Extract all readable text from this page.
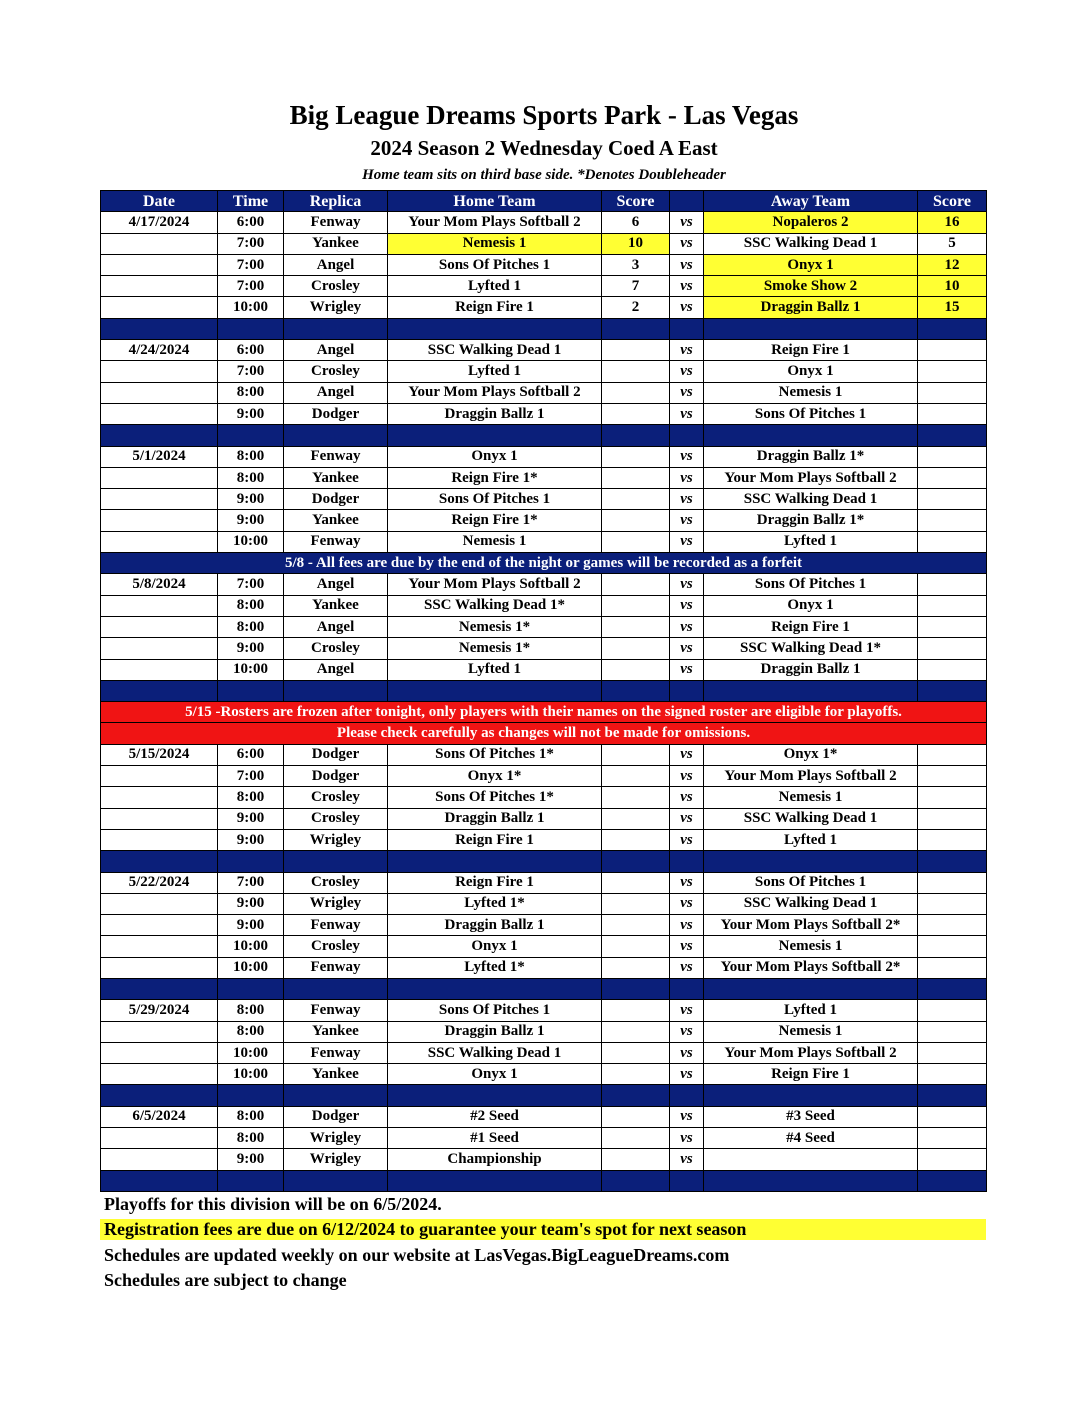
Big League Dreams Sports Park - Las Vegas
2024 Season 2 Wednesday Coed A East
Home team sits on third base side. *Denotes Doubleheader
Date	Time	Replica	Home Team	Score		Away Team	Score
4/17/2024	6:00	Fenway	Your Mom Plays Softball 2	6	vs	Nopaleros 2	16
	7:00	Yankee	Nemesis 1	10	vs	SSC Walking Dead 1	5
	7:00	Angel	Sons Of Pitches 1	3	vs	Onyx 1	12
	7:00	Crosley	Lyfted 1	7	vs	Smoke Show 2	10
	10:00	Wrigley	Reign Fire 1	2	vs	Draggin Ballz 1	15

4/24/2024	6:00	Angel	SSC Walking Dead 1		vs	Reign Fire 1	
	7:00	Crosley	Lyfted 1		vs	Onyx 1	
	8:00	Angel	Your Mom Plays Softball 2		vs	Nemesis 1	
	9:00	Dodger	Draggin Ballz 1		vs	Sons Of Pitches 1	

5/1/2024	8:00	Fenway	Onyx 1		vs	Draggin Ballz 1*	
	8:00	Yankee	Reign Fire 1*		vs	Your Mom Plays Softball 2	
	9:00	Dodger	Sons Of Pitches 1		vs	SSC Walking Dead 1	
	9:00	Yankee	Reign Fire 1*		vs	Draggin Ballz 1*	
	10:00	Fenway	Nemesis 1		vs	Lyfted 1	
5/8 - All fees are due by the end of the night or games will be recorded as a forfeit							
5/8/2024	7:00	Angel	Your Mom Plays Softball 2		vs	Sons Of Pitches 1	
	8:00	Yankee	SSC Walking Dead 1*		vs	Onyx 1	
	8:00	Angel	Nemesis 1*		vs	Reign Fire 1	
	9:00	Crosley	Nemesis 1*		vs	SSC Walking Dead 1*	
	10:00	Angel	Lyfted 1		vs	Draggin Ballz 1	

5/15 -Rosters are frozen after tonight, only players with their names on the signed roster are eligible for playoffs.							
Please check carefully as changes will not be made for omissions.							
5/15/2024	6:00	Dodger	Sons Of Pitches 1*		vs	Onyx 1*	
	7:00	Dodger	Onyx 1*		vs	Your Mom Plays Softball 2	
	8:00	Crosley	Sons Of Pitches 1*		vs	Nemesis 1	
	9:00	Crosley	Draggin Ballz 1		vs	SSC Walking Dead 1	
	9:00	Wrigley	Reign Fire 1		vs	Lyfted 1	

5/22/2024	7:00	Crosley	Reign Fire 1		vs	Sons Of Pitches 1	
	9:00	Wrigley	Lyfted 1*		vs	SSC Walking Dead 1	
	9:00	Fenway	Draggin Ballz 1		vs	Your Mom Plays Softball 2*	
	10:00	Crosley	Onyx 1		vs	Nemesis 1	
	10:00	Fenway	Lyfted 1*		vs	Your Mom Plays Softball 2*	

5/29/2024	8:00	Fenway	Sons Of Pitches 1		vs	Lyfted 1	
	8:00	Yankee	Draggin Ballz 1		vs	Nemesis 1	
	10:00	Fenway	SSC Walking Dead 1		vs	Your Mom Plays Softball 2	
	10:00	Yankee	Onyx 1		vs	Reign Fire 1	

6/5/2024	8:00	Dodger	#2 Seed		vs	#3 Seed	
	8:00	Wrigley	#1 Seed		vs	#4 Seed	
	9:00	Wrigley	Championship		vs		

Playoffs for this division will be on 6/5/2024.
Registration fees are due on 6/12/2024 to guarantee your team's spot for next season
Schedules are updated weekly on our website at LasVegas.BigLeagueDreams.com
Schedules are subject to change
